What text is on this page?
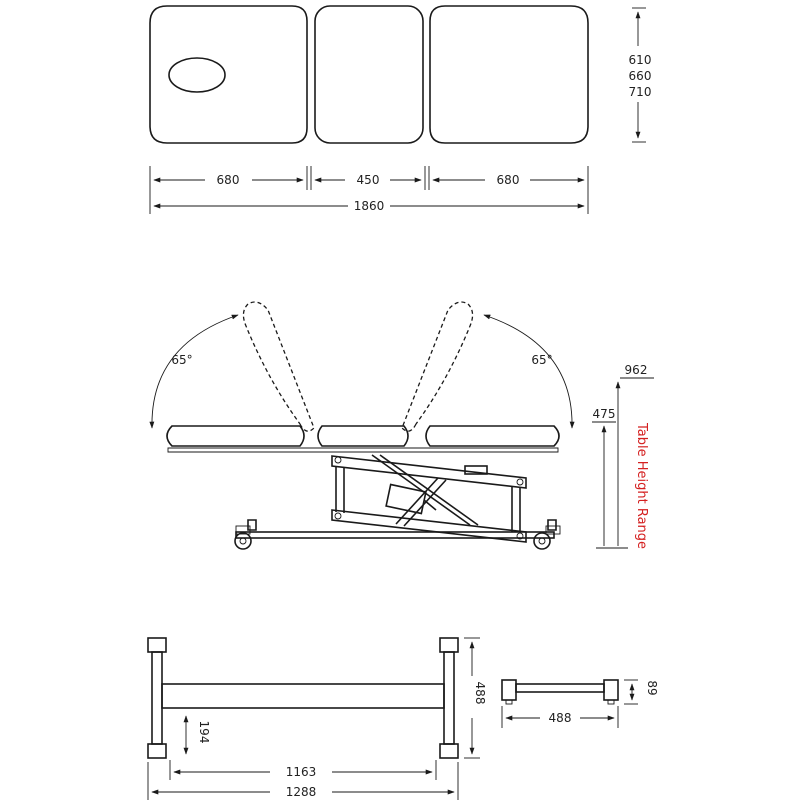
610
660
710
680	450	680
1860
65°	65°
962
475
Table Height Range
488
194
1163
1288
89
488
